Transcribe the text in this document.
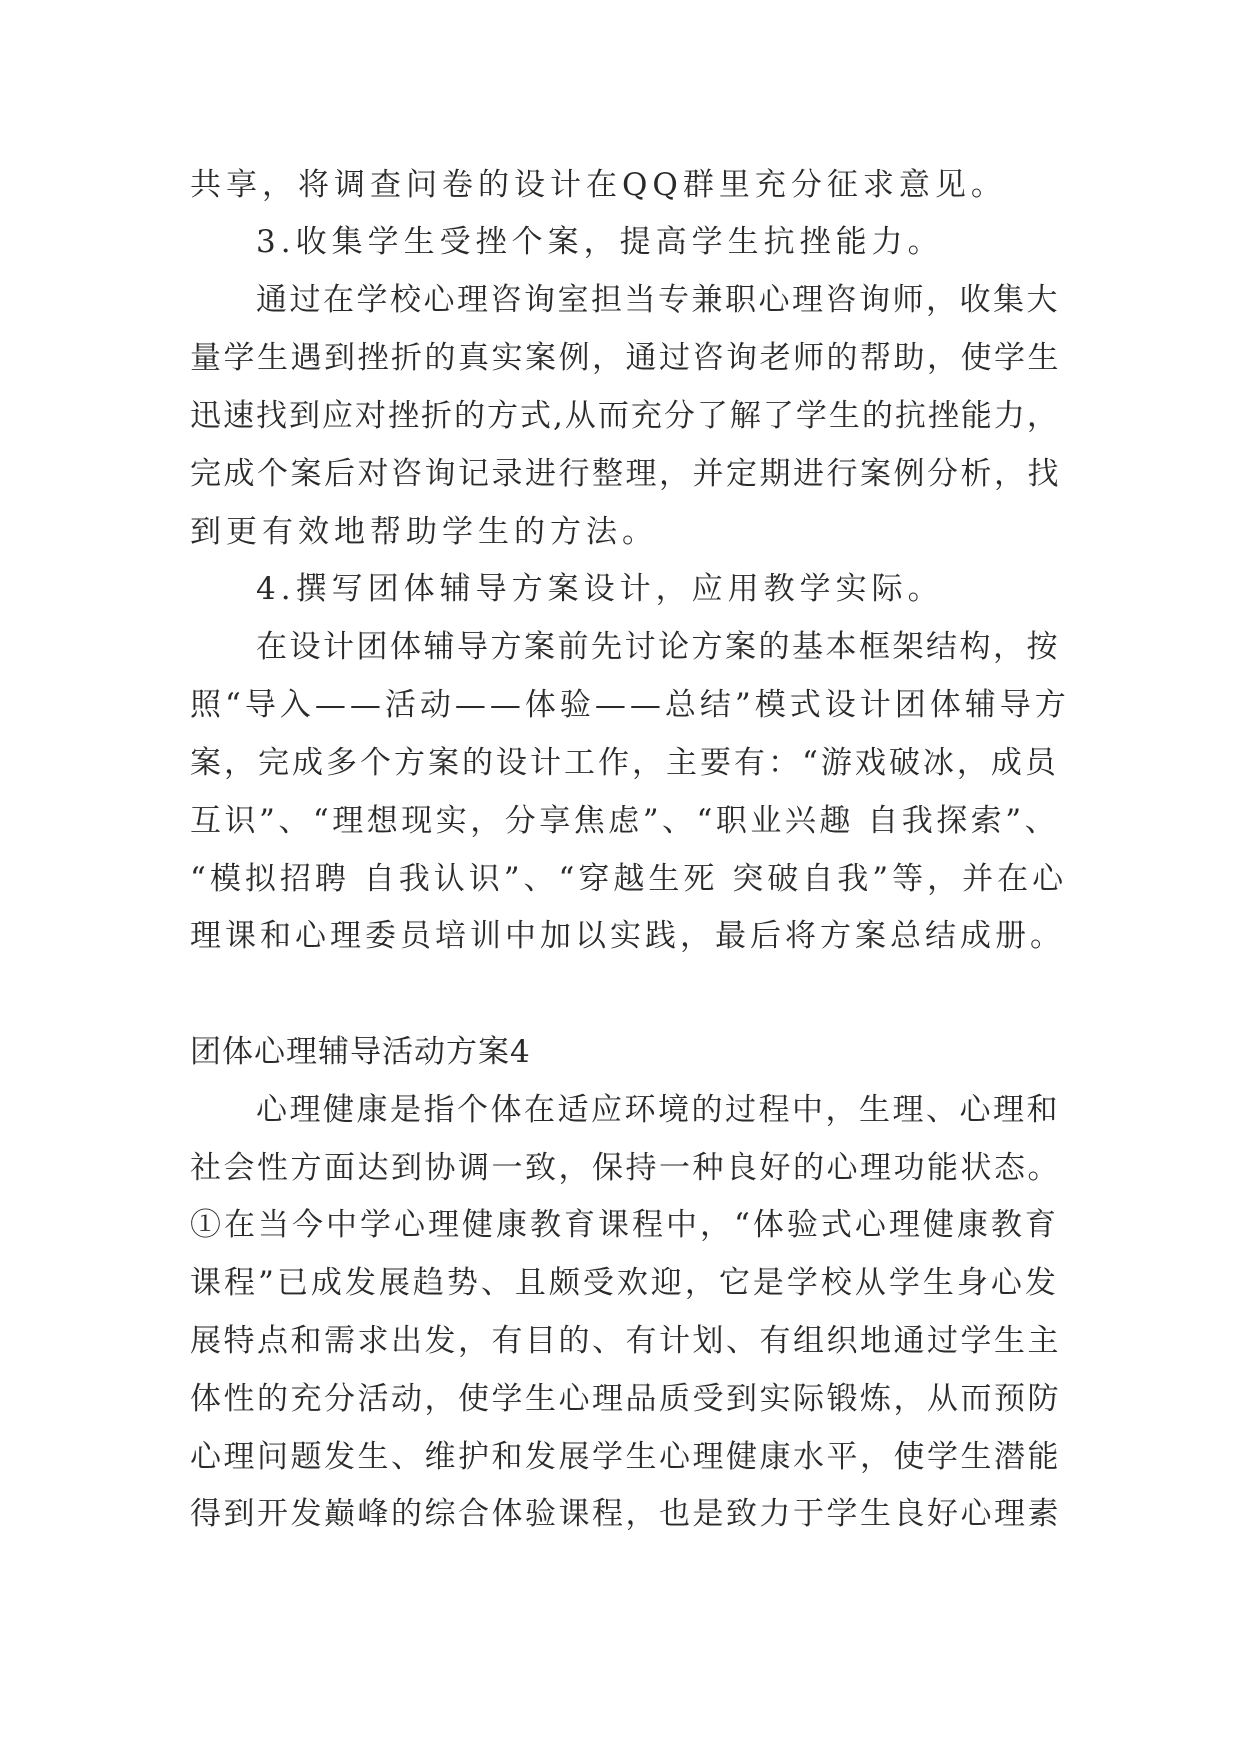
共享，将调查问卷的设计在QQ群里充分征求意见。
3.收集学生受挫个案，提高学生抗挫能力。
通过在学校心理咨询室担当专兼职心理咨询师，收集大
量学生遇到挫折的真实案例，通过咨询老师的帮助，使学生
迅速找到应对挫折的方式,从而充分了解了学生的抗挫能力，
完成个案后对咨询记录进行整理，并定期进行案例分析，找
到更有效地帮助学生的方法。
4.撰写团体辅导方案设计，应用教学实际。
在设计团体辅导方案前先讨论方案的基本框架结构，按
照“导入——活动——体验——总结”模式设计团体辅导方
案，完成多个方案的设计工作，主要有：“游戏破冰，成员
互识”、“理想现实，分享焦虑”、“职业兴趣 自我探索”、
“模拟招聘 自我认识”、“穿越生死 突破自我”等，并在心
理课和心理委员培训中加以实践，最后将方案总结成册。
团体心理辅导活动方案4
心理健康是指个体在适应环境的过程中，生理、心理和
社会性方面达到协调一致，保持一种良好的心理功能状态。
①在当今中学心理健康教育课程中，“体验式心理健康教育
课程”已成发展趋势、且颇受欢迎，它是学校从学生身心发
展特点和需求出发，有目的、有计划、有组织地通过学生主
体性的充分活动，使学生心理品质受到实际锻炼，从而预防
心理问题发生、维护和发展学生心理健康水平，使学生潜能
得到开发巅峰的综合体验课程，也是致力于学生良好心理素
